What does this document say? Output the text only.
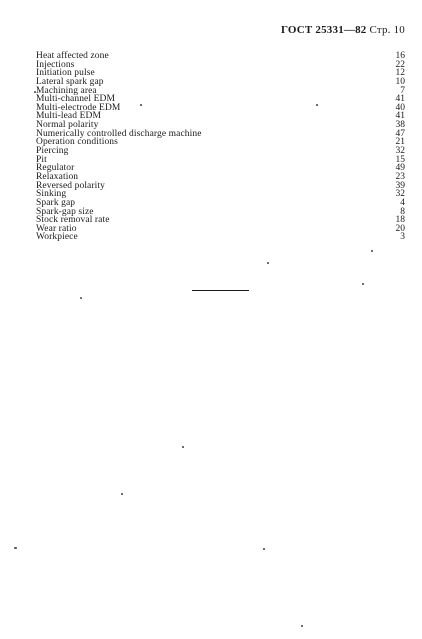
ГОСТ 25331—82 Стр. 10
Heat affected zone	16
Injections	22
Initiation pulse	12
Lateral spark gap	10
Machining area	7
Multi-channel EDM	41
Multi-electrode EDM	40
Multi-lead EDM	41
Normal polarity	38
Numerically controlled discharge machine	47
Operation conditions	21
Piercing	32
Pit	15
Regulator	49
Relaxation	23
Reversed polarity	39
Sinking	32
Spark gap	4
Spark-gap size	8
Stock removal rate	18
Wear ratio	20
Workpiece	3
